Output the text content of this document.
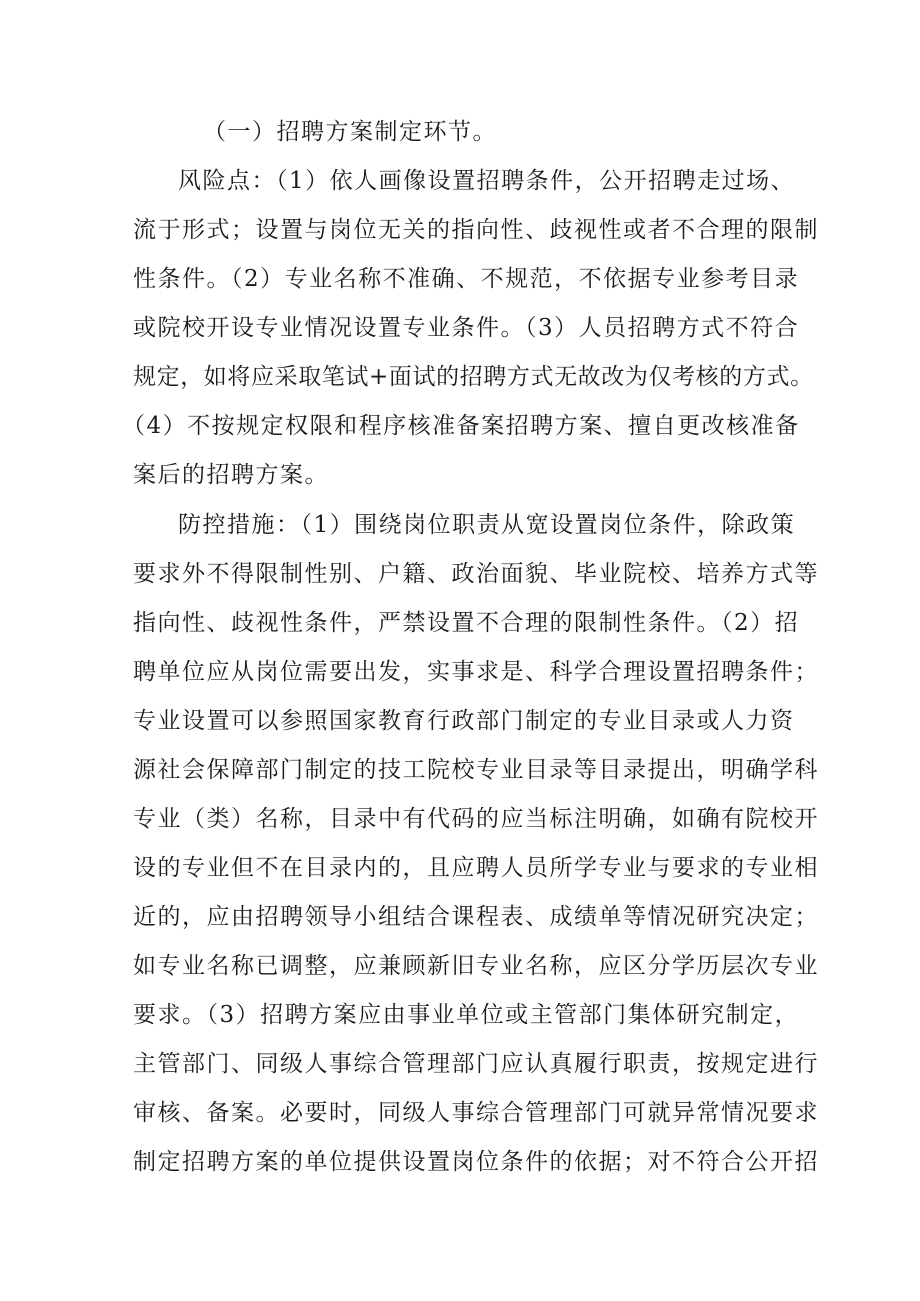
（一）招聘方案制定环节。
风险点：（1）依人画像设置招聘条件，公开招聘走过场、
流于形式；设置与岗位无关的指向性、歧视性或者不合理的限制
性条件。（2）专业名称不准确、不规范，不依据专业参考目录
或院校开设专业情况设置专业条件。（3）人员招聘方式不符合
规定，如将应采取笔试+面试的招聘方式无故改为仅考核的方式。
（4）不按规定权限和程序核准备案招聘方案、擅自更改核准备
案后的招聘方案。
防控措施：（1）围绕岗位职责从宽设置岗位条件，除政策
要求外不得限制性别、户籍、政治面貌、毕业院校、培养方式等
指向性、歧视性条件，严禁设置不合理的限制性条件。（2）招
聘单位应从岗位需要出发，实事求是、科学合理设置招聘条件；
专业设置可以参照国家教育行政部门制定的专业目录或人力资
源社会保障部门制定的技工院校专业目录等目录提出，明确学科
专业（类）名称，目录中有代码的应当标注明确，如确有院校开
设的专业但不在目录内的，且应聘人员所学专业与要求的专业相
近的，应由招聘领导小组结合课程表、成绩单等情况研究决定；
如专业名称已调整，应兼顾新旧专业名称，应区分学历层次专业
要求。（3）招聘方案应由事业单位或主管部门集体研究制定，
主管部门、同级人事综合管理部门应认真履行职责，按规定进行
审核、备案。必要时，同级人事综合管理部门可就异常情况要求
制定招聘方案的单位提供设置岗位条件的依据；对不符合公开招
